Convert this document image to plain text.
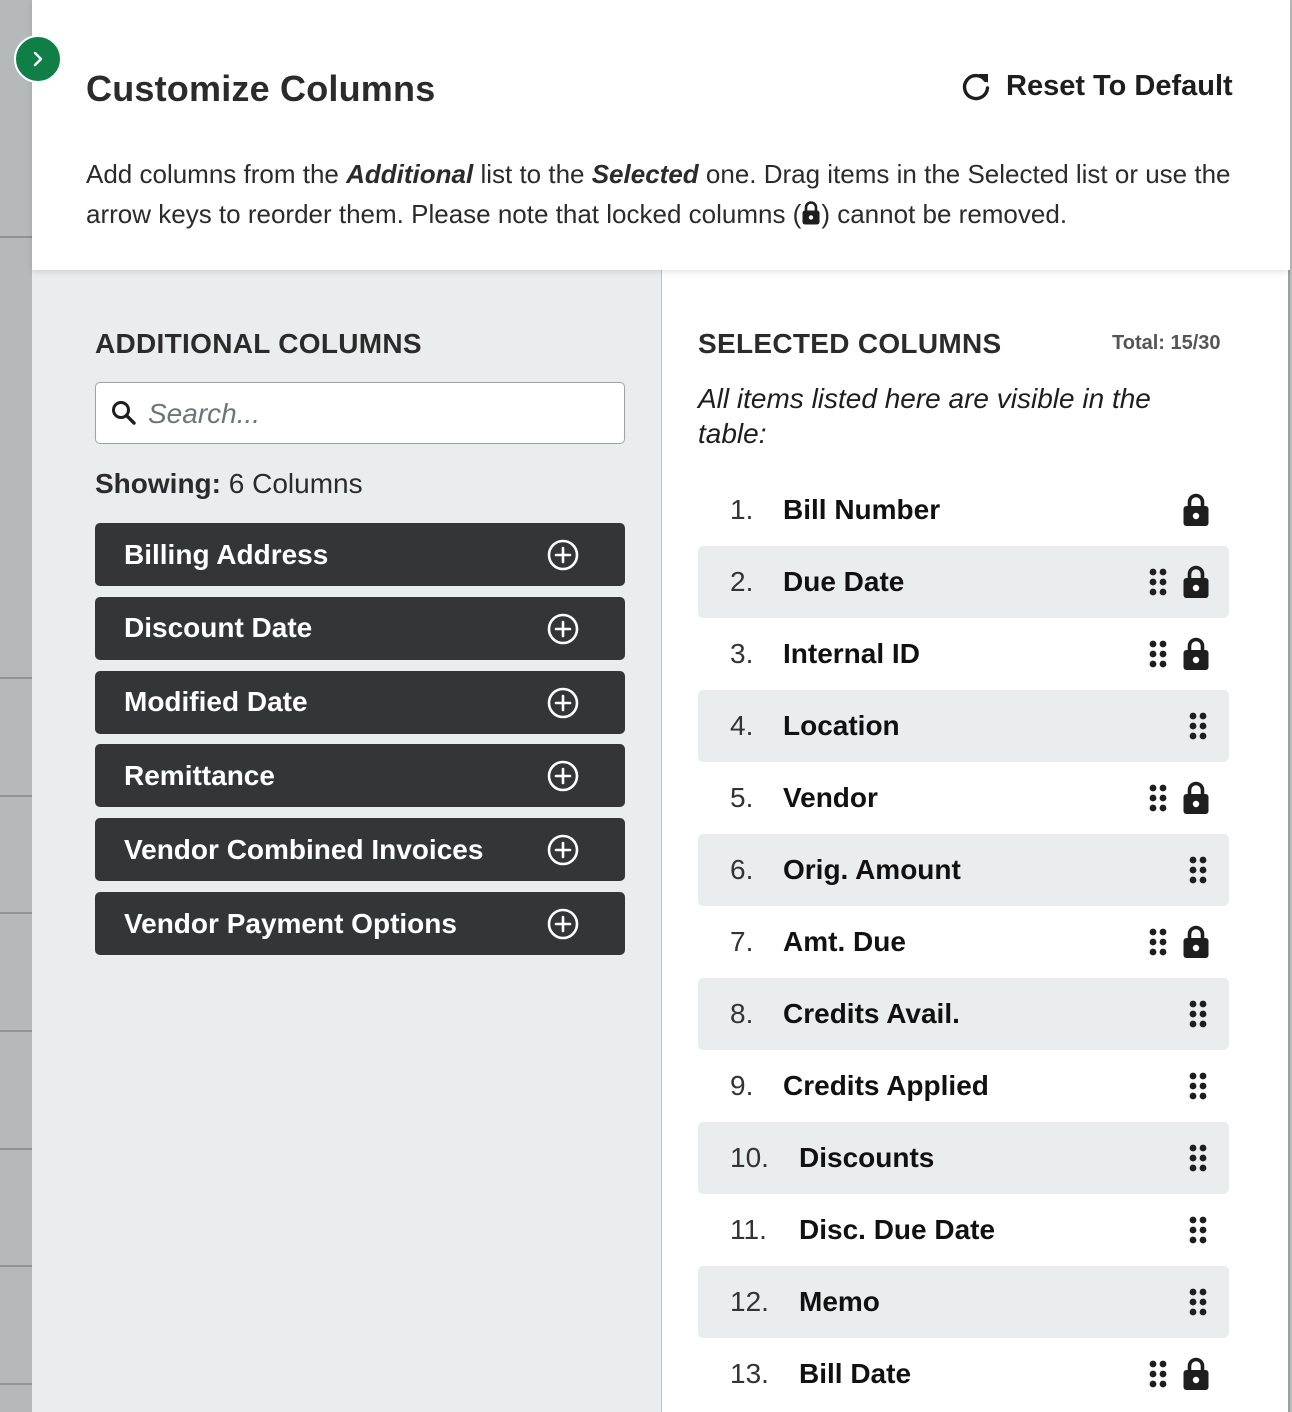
Customize Columns	Reset To Default

Add columns from the Additional list to the Selected one. Drag items in the Selected list or use the arrow keys to reorder them. Please note that locked columns ( ) cannot be removed.

ADDITIONAL COLUMNS
Search...
Showing: 6 Columns
Billing Address
Discount Date
Modified Date
Remittance
Vendor Combined Invoices
Vendor Payment Options
SELECTED COLUMNS	Total: 15/30

All items listed here are visible in the table:

1. Bill Number
2. Due Date
3. Internal ID
4. Location
5. Vendor
6. Orig. Amount
7. Amt. Due
8. Credits Avail.
9. Credits Applied
10. Discounts
11. Disc. Due Date
12. Memo
13. Bill Date
